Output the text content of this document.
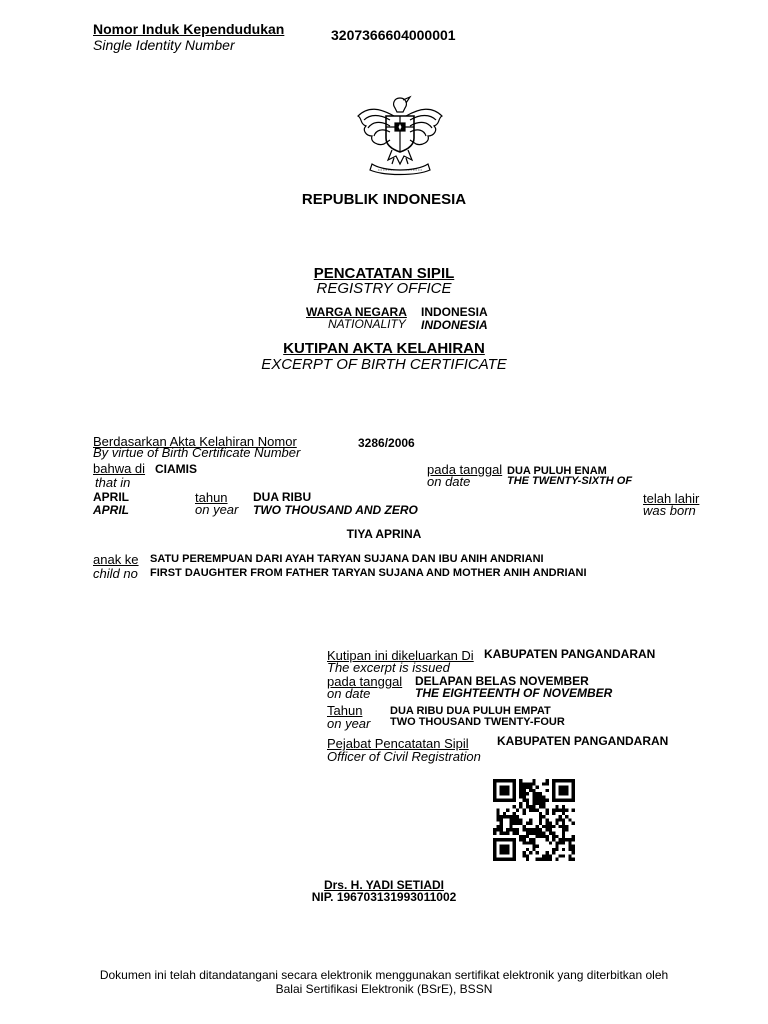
Nomor Induk Kependudukan
Single Identity Number
3207366604000001
REPUBLIK INDONESIA
PENCATATAN SIPIL
REGISTRY OFFICE
WARGA NEGARA
NATIONALITY
INDONESIA
INDONESIA
KUTIPAN AKTA KELAHIRAN
EXCERPT OF BIRTH CERTIFICATE
Berdasarkan Akta Kelahiran Nomor
By virtue of Birth Certificate Number
3286/2006
bahwa di
that in
CIAMIS	pada tanggal
on date
DUA PULUH ENAM
THE TWENTY-SIXTH OF
APRIL
APRIL
tahun
on year
DUA RIBU
TWO THOUSAND AND ZERO
telah lahir
was born
TIYA APRINA
anak ke
child no
SATU PEREMPUAN DARI AYAH TARYAN SUJANA DAN IBU ANIH ANDRIANI
FIRST DAUGHTER FROM FATHER TARYAN SUJANA AND MOTHER ANIH ANDRIANI
Kutipan ini dikeluarkan Di
The excerpt is issued
KABUPATEN PANGANDARAN
pada tanggal
on date
DELAPAN BELAS NOVEMBER
THE EIGHTEENTH OF NOVEMBER
Tahun
on year
DUA RIBU DUA PULUH EMPAT
TWO THOUSAND TWENTY-FOUR
Pejabat Pencatatan Sipil
Officer of Civil Registration
KABUPATEN PANGANDARAN
Drs. H. YADI SETIADI
NIP. 196703131993011002
Dokumen ini telah ditandatangani secara elektronik menggunakan sertifikat elektronik yang diterbitkan oleh
Balai Sertifikasi Elektronik (BSrE), BSSN
